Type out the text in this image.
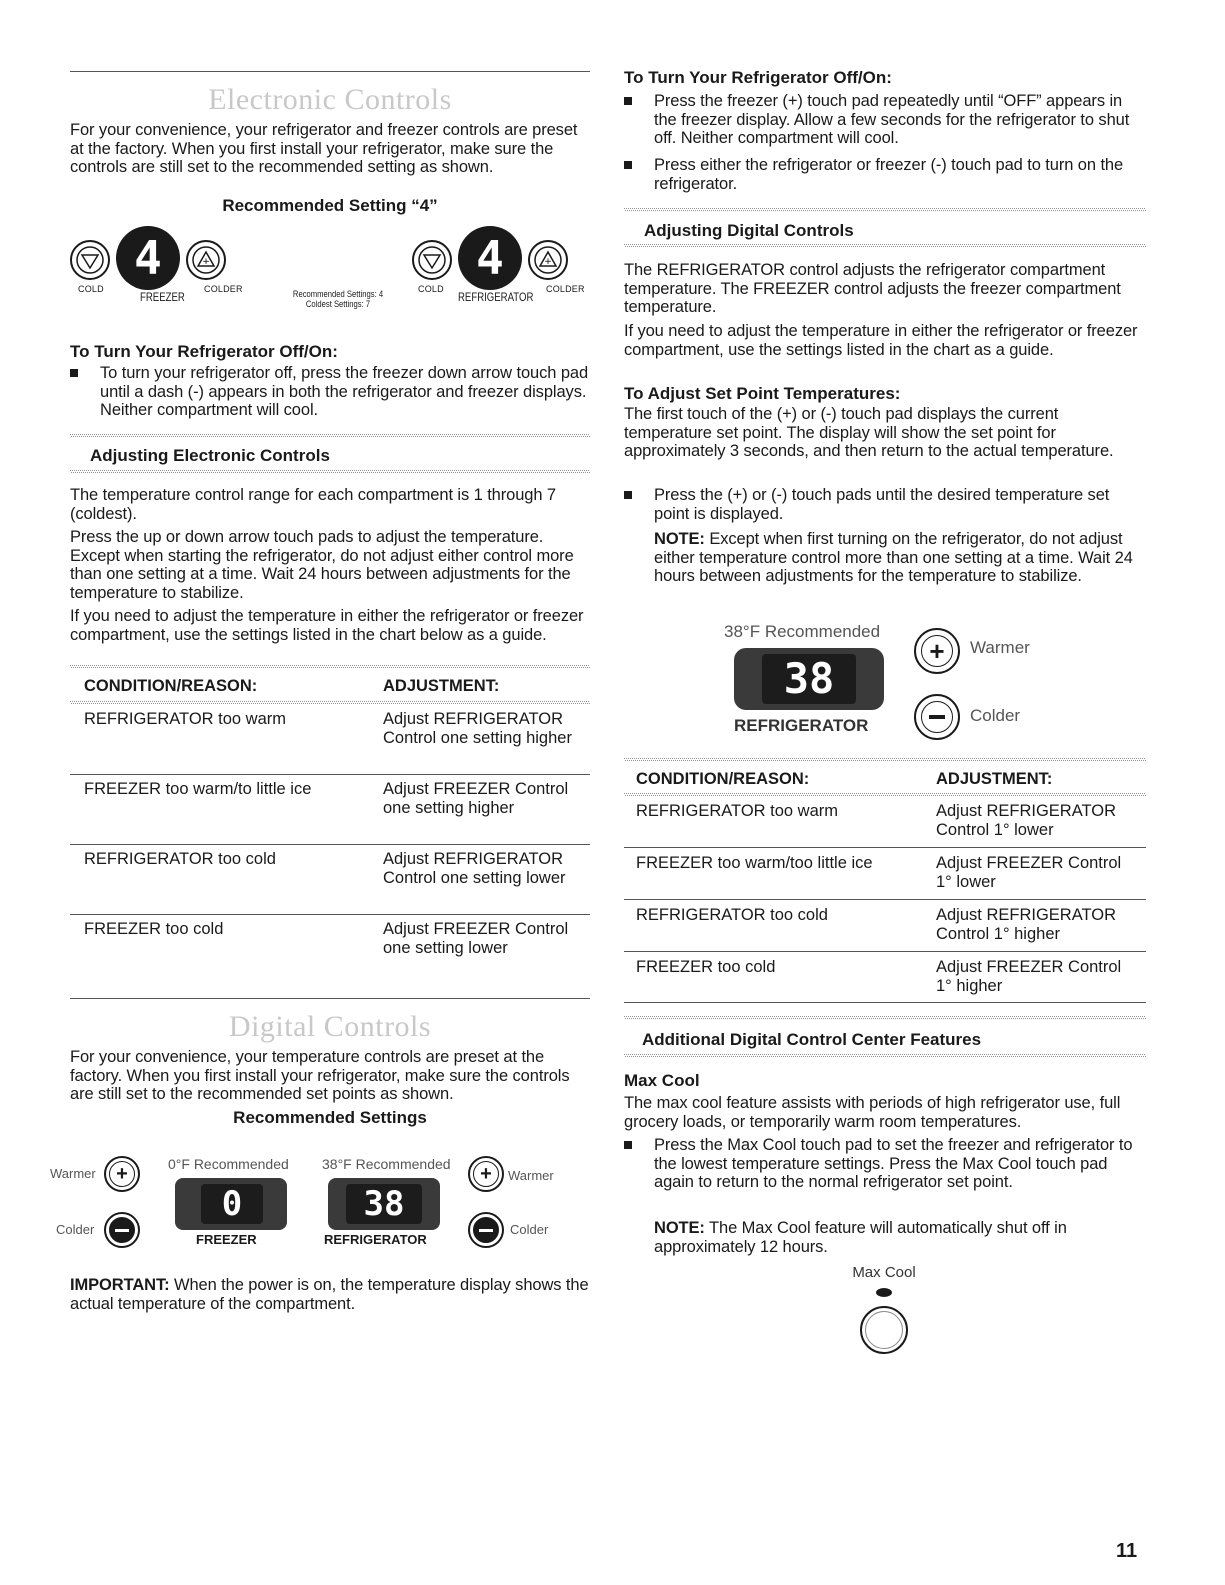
Electronic Controls
For your convenience, your refrigerator and freezer controls are preset at the factory. When you first install your refrigerator, make sure the controls are still set to the recommended setting as shown.
Recommended Setting “4”
4	+
COLD
FREEZER
COLDER	Recommended Settings: 4
Coldest Settings: 7
4	+
COLD
REFRIGERATOR
COLDER
To Turn Your Refrigerator Off/On:
To turn your refrigerator off, press the freezer down arrow touch pad until a dash (-) appears in both the refrigerator and freezer displays. Neither compartment will cool.
Adjusting Electronic Controls
The temperature control range for each compartment is 1 through 7 (coldest).
Press the up or down arrow touch pads to adjust the temperature. Except when starting the refrigerator, do not adjust either control more than one setting at a time. Wait 24 hours between adjustments for the temperature to stabilize.
If you need to adjust the temperature in either the refrigerator or freezer compartment, use the settings listed in the chart below as a guide.
CONDITION/REASON:	ADJUSTMENT:
REFRIGERATOR too warm	Adjust REFRIGERATOR Control one setting higher
FREEZER too warm/to little ice	Adjust FREEZER Control one setting higher
REFRIGERATOR too cold	Adjust REFRIGERATOR Control one setting lower
FREEZER too cold	Adjust FREEZER Control one setting lower
Digital Controls
For your convenience, your temperature controls are preset at the factory. When you first install your refrigerator, make sure the controls are still set to the recommended set points as shown.
Recommended Settings
Warmer	+
Colder
0°F Recommended
0
FREEZER
38°F Recommended
38
REFRIGERATOR
+	Warmer
Colder
IMPORTANT: When the power is on, the temperature display shows the actual temperature of the compartment.
To Turn Your Refrigerator Off/On:
Press the freezer (+) touch pad repeatedly until “OFF” appears in the freezer display. Allow a few seconds for the refrigerator to shut off. Neither compartment will cool.
Press either the refrigerator or freezer (-) touch pad to turn on the refrigerator.
Adjusting Digital Controls
The REFRIGERATOR control adjusts the refrigerator compartment temperature. The FREEZER control adjusts the freezer compartment temperature.
If you need to adjust the temperature in either the refrigerator or freezer compartment, use the settings listed in the chart as a guide.
To Adjust Set Point Temperatures:
The first touch of the (+) or (-) touch pad displays the current temperature set point. The display will show the set point for approximately 3 seconds, and then return to the actual temperature.
Press the (+) or (-) touch pads until the desired temperature set point is displayed.
NOTE: Except when first turning on the refrigerator, do not adjust either temperature control more than one setting at a time. Wait 24 hours between adjustments for the temperature to stabilize.
38°F Recommended
38
REFRIGERATOR
+	Warmer
Colder
CONDITION/REASON:	ADJUSTMENT:
REFRIGERATOR too warm	Adjust REFRIGERATOR Control 1° lower
FREEZER too warm/too little ice	Adjust FREEZER Control 1° lower
REFRIGERATOR too cold	Adjust REFRIGERATOR Control 1° higher
FREEZER too cold	Adjust FREEZER Control 1° higher
Additional Digital Control Center Features
Max Cool
The max cool feature assists with periods of high refrigerator use, full grocery loads, or temporarily warm room temperatures.
Press the Max Cool touch pad to set the freezer and refrigerator to the lowest temperature settings. Press the Max Cool touch pad again to return to the normal refrigerator set point.
NOTE: The Max Cool feature will automatically shut off in approximately 12 hours.
Max Cool
11
